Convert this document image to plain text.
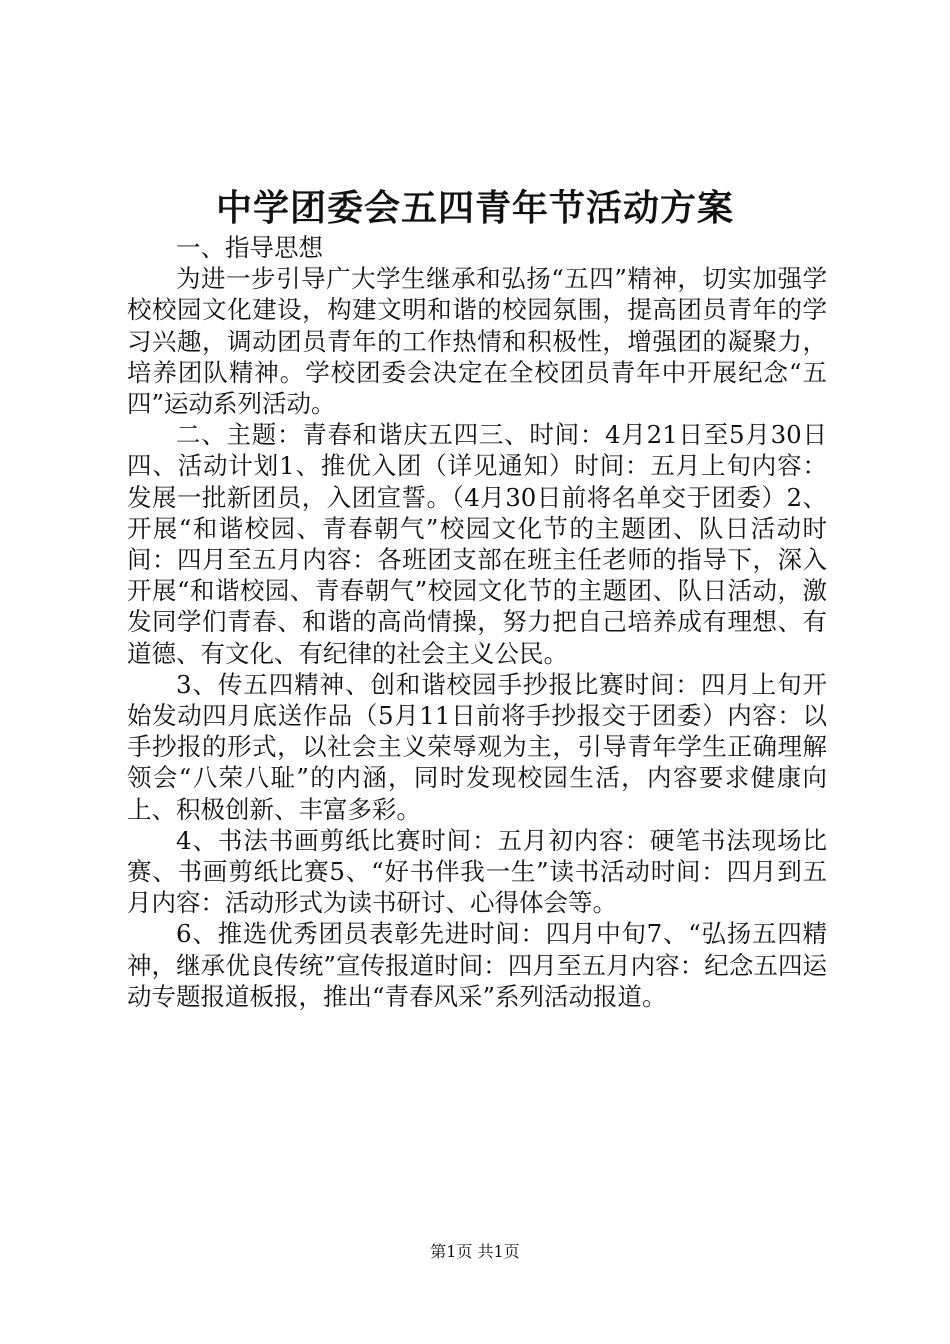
中学团委会五四青年节活动方案

一、指导思想

为进一步引导广大学生继承和弘扬“五四”精神，切实加强学校校园文化建设，构建文明和谐的校园氛围，提高团员青年的学习兴趣，调动团员青年的工作热情和积极性，增强团的凝聚力，培养团队精神。学校团委会决定在全校团员青年中开展纪念“五四”运动系列活动。

二、主题：青春和谐庆五四三、时间：4月21日至5月30日四、活动计划1、推优入团（详见通知）时间：五月上旬内容：发展一批新团员，入团宣誓。（4月30日前将名单交于团委）2、开展“和谐校园、青春朝气”校园文化节的主题团、队日活动时间：四月至五月内容：各班团支部在班主任老师的指导下，深入开展“和谐校园、青春朝气”校园文化节的主题团、队日活动，激发同学们青春、和谐的高尚情操，努力把自己培养成有理想、有道德、有文化、有纪律的社会主义公民。

3、传五四精神、创和谐校园手抄报比赛时间：四月上旬开始发动四月底送作品（5月11日前将手抄报交于团委）内容：以手抄报的形式，以社会主义荣辱观为主，引导青年学生正确理解领会“八荣八耻”的内涵，同时发现校园生活，内容要求健康向上、积极创新、丰富多彩。

4、书法书画剪纸比赛时间：五月初内容：硬笔书法现场比赛、书画剪纸比赛5、“好书伴我一生”读书活动时间：四月到五月内容：活动形式为读书研讨、心得体会等。

6、推选优秀团员表彰先进时间：四月中旬7、“弘扬五四精神，继承优良传统”宣传报道时间：四月至五月内容：纪念五四运动专题报道板报，推出“青春风采”系列活动报道。

第1页 共1页
